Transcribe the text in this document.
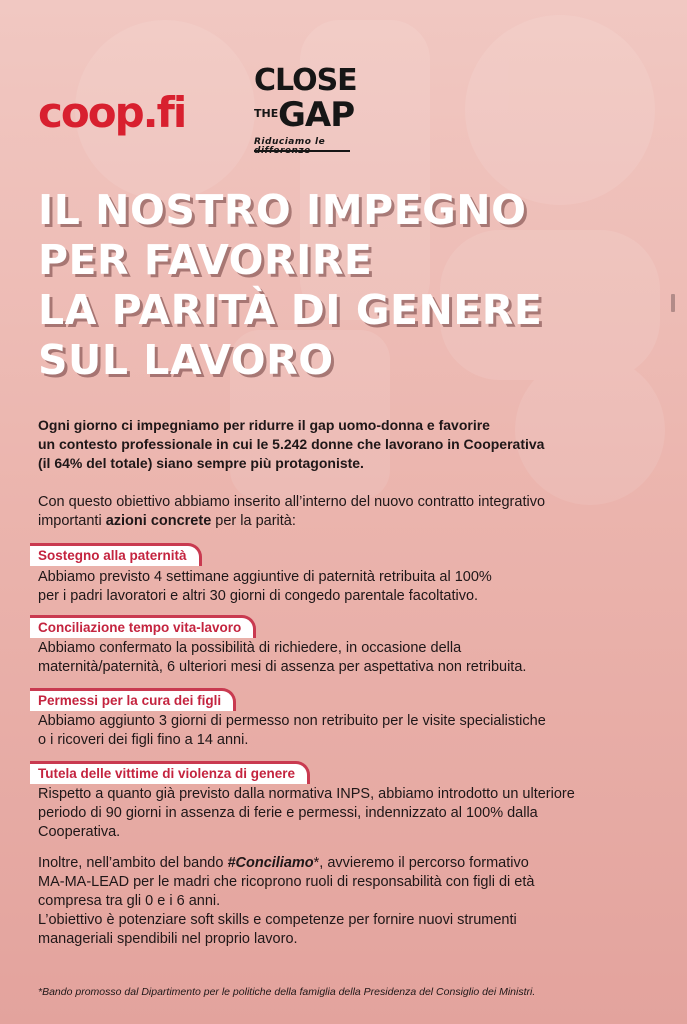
coop.fi
CLOSE
THE GAP
Riduciamo le
IL NOSTRO IMPEGNO
PER FAVORIRE
LA PARITÀ DI GENERE
SUL LAVORO
Ogni giorno ci impegniamo per ridurre il gap uomo-donna e favorire
un contesto professionale in cui le 5.242 donne che lavorano in Cooperativa
(il 64% del totale) siano sempre più protagoniste.
Con questo obiettivo abbiamo inserito all’interno del nuovo contratto integrativo
importanti azioni concrete per la parità:
Sostegno alla paternità
Abbiamo previsto 4 settimane aggiuntive di paternità retribuita al 100%
per i padri lavoratori e altri 30 giorni di congedo parentale facoltativo.
Conciliazione tempo vita-lavoro
Abbiamo confermato la possibilità di richiedere, in occasione della
maternità/paternità, 6 ulteriori mesi di assenza per aspettativa non retribuita.
Permessi per la cura dei figli
Abbiamo aggiunto 3 giorni di permesso non retribuito per le visite specialistiche
o i ricoveri dei figli fino a 14 anni.
Tutela delle vittime di violenza di genere
Rispetto a quanto già previsto dalla normativa INPS, abbiamo introdotto un ulteriore
periodo di 90 giorni in assenza di ferie e permessi, indennizzato al 100% dalla
Cooperativa.
Inoltre, nell’ambito del bando #Conciliamo*, avvieremo il percorso formativo
MA-MA-LEAD per le madri che ricoprono ruoli di responsabilità con figli di età
compresa tra gli 0 e i 6 anni.
L’obiettivo è potenziare soft skills e competenze per fornire nuovi strumenti
manageriali spendibili nel proprio lavoro.
*Bando promosso dal Dipartimento per le politiche della famiglia della Presidenza del Consiglio dei Ministri.
